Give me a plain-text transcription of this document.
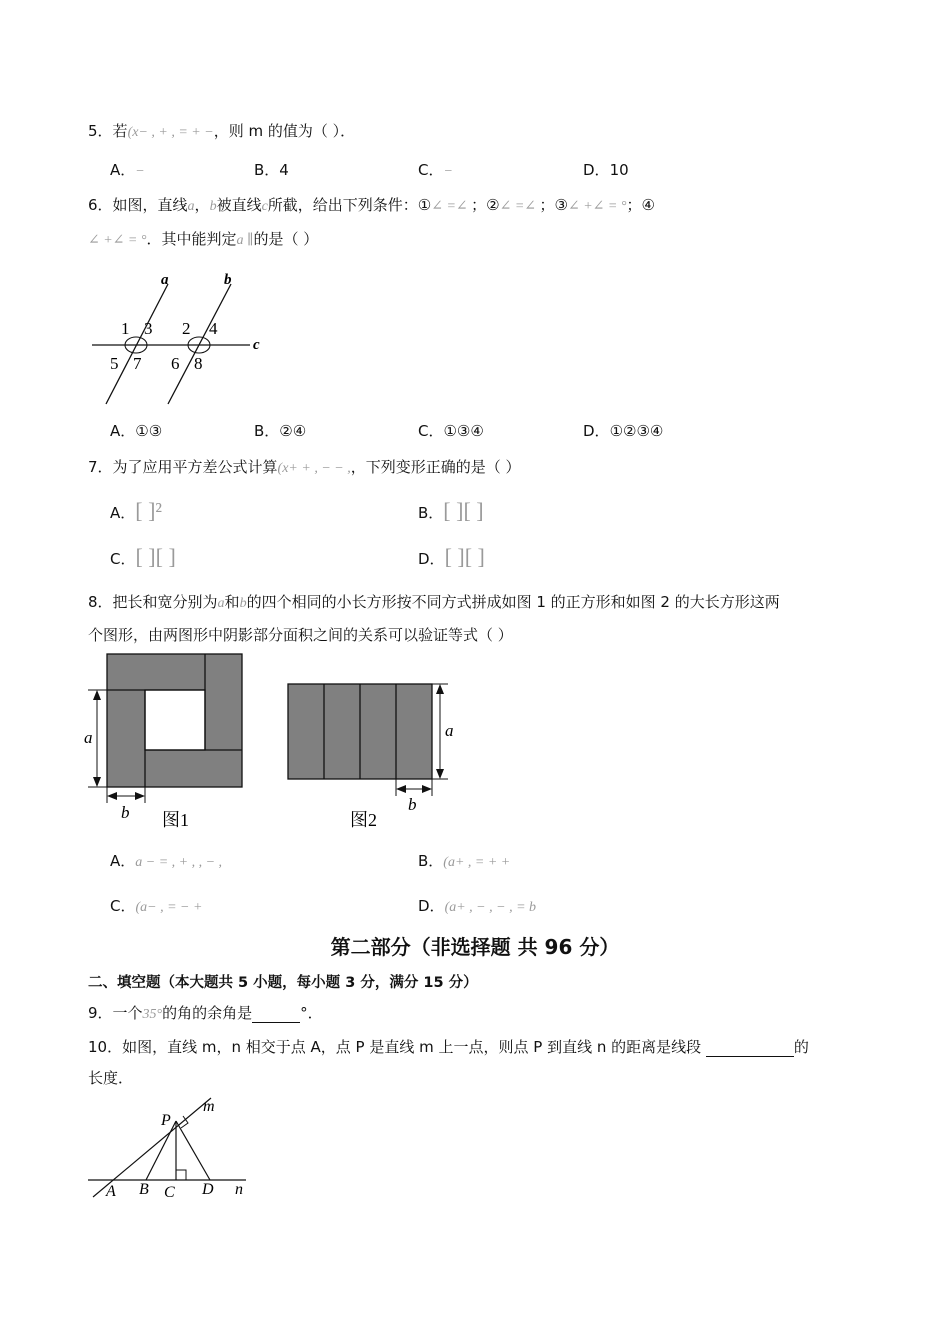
5．若(x− , + , = + −，则 m 的值为（ ）．
A．−	B．4	C．−	D．10
6．如图，直线a，b被直线c所截，给出下列条件：①∠ =∠ ；②∠ =∠ ；③∠ +∠ = °；④
∠ +∠ = °．其中能判定a ∥的是（ ）
a	b
c
1 3 2 4
5 7 6 8
A．①③	B．②④	C．①③④	D．①②③④
7．为了应用平方差公式计算(x+ + , − − ,，下列变形正确的是（ ）
A．[ ]²	B．[ ][ ]
C．[ ][ ]	D．[ ][ ]
8．把长和宽分别为a和b的四个相同的小长方形按不同方式拼成如图 1 的正方形和如图 2 的大长方形这两
个图形，由两图形中阴影部分面积之间的关系可以验证等式（ ）
a
b 图1
a
b
图2
A．a − = , + , , − ,	B．(a+ , = + +
C．(a− , = − +	D．(a+ , − , − , = b
第二部分（非选择题 共 96 分）
二、填空题（本大题共 5 小题，每小题 3 分，满分 15 分）
9．一个35°的角的余角是	°．
10．如图，直线 m，n 相交于点 A，点 P 是直线 m 上一点，则点 P 到直线 n 的距离是线段	的
长度．
P
m
A B C D n
